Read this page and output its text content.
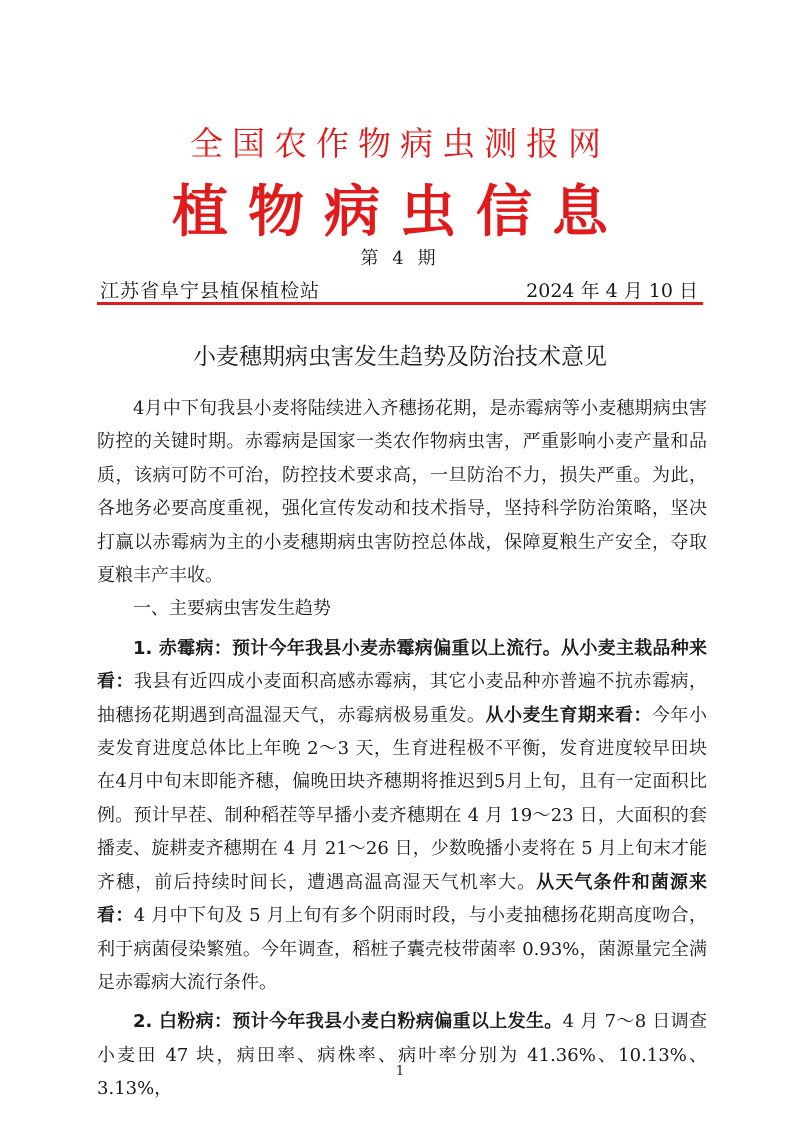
全国农作物病虫测报网
植物病虫信息
第 4 期
江苏省阜宁县植保植检站	2024 年 4 月 10 日
小麦穗期病虫害发生趋势及防治技术意见

4月中下旬我县小麦将陆续进入齐穗扬花期，是赤霉病等小麦穗期病虫害防控的关键时期。赤霉病是国家一类农作物病虫害，严重影响小麦产量和品质，该病可防不可治，防控技术要求高，一旦防治不力，损失严重。为此，各地务必要高度重视，强化宣传发动和技术指导，坚持科学防治策略，坚决打赢以赤霉病为主的小麦穗期病虫害防控总体战，保障夏粮生产安全，夺取夏粮丰产丰收。

一、主要病虫害发生趋势

1. 赤霉病：预计今年我县小麦赤霉病偏重以上流行。从小麦主栽品种来看：我县有近四成小麦面积高感赤霉病，其它小麦品种亦普遍不抗赤霉病，抽穗扬花期遇到高温湿天气，赤霉病极易重发。从小麦生育期来看：今年小麦发育进度总体比上年晚 2～3 天，生育进程极不平衡，发育进度较早田块在4月中旬末即能齐穗，偏晚田块齐穗期将推迟到5月上旬，且有一定面积比例。预计早茬、制种稻茬等早播小麦齐穗期在 4 月 19～23 日，大面积的套播麦、旋耕麦齐穗期在 4 月 21～26 日，少数晚播小麦将在 5 月上旬末才能齐穗，前后持续时间长，遭遇高温高湿天气机率大。从天气条件和菌源来看：4 月中下旬及 5 月上旬有多个阴雨时段，与小麦抽穗扬花期高度吻合，利于病菌侵染繁殖。今年调查，稻桩子囊壳枝带菌率 0.93%，菌源量完全满足赤霉病大流行条件。

2. 白粉病：预计今年我县小麦白粉病偏重以上发生。4 月 7～8 日调查小麦田 47 块，病田率、病株率、病叶率分别为 41.36%、10.13%、3.13%，

1
